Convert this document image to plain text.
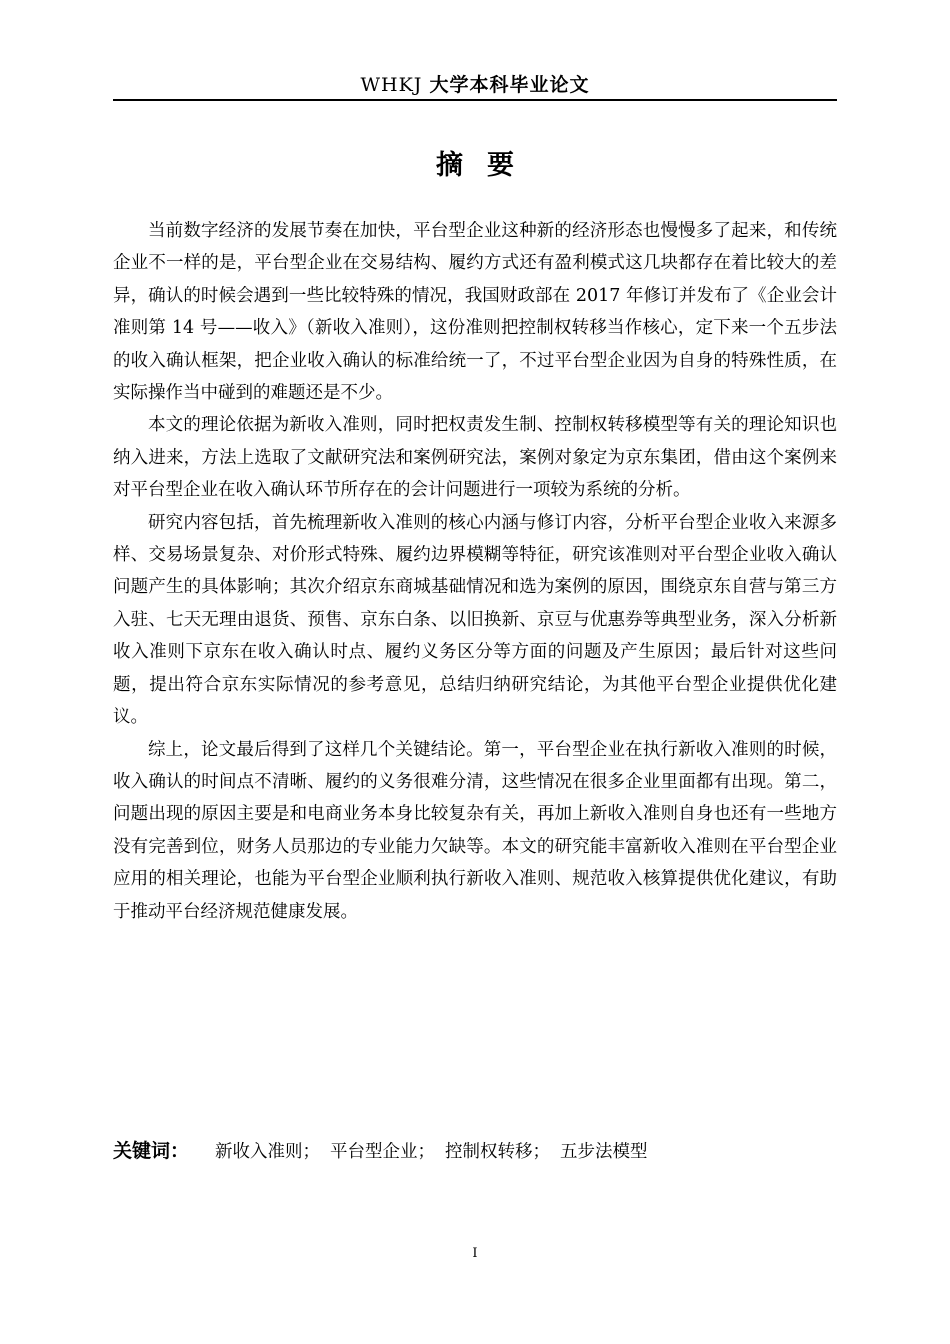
WHKJ 大学本科毕业论文
摘要

当前数字经济的发展节奏在加快，平台型企业这种新的经济形态也慢慢多了起来，和传统企业不一样的是，平台型企业在交易结构、履约方式还有盈利模式这几块都存在着比较大的差异，确认的时候会遇到一些比较特殊的情况，我国财政部在 2017 年修订并发布了《企业会计准则第 14 号——收入》（新收入准则），这份准则把控制权转移当作核心，定下来一个五步法的收入确认框架，把企业收入确认的标准给统一了，不过平台型企业因为自身的特殊性质，在实际操作当中碰到的难题还是不少。

本文的理论依据为新收入准则，同时把权责发生制、控制权转移模型等有关的理论知识也纳入进来，方法上选取了文献研究法和案例研究法，案例对象定为京东集团，借由这个案例来对平台型企业在收入确认环节所存在的会计问题进行一项较为系统的分析。

研究内容包括，首先梳理新收入准则的核心内涵与修订内容，分析平台型企业收入来源多样、交易场景复杂、对价形式特殊、履约边界模糊等特征，研究该准则对平台型企业收入确认问题产生的具体影响；其次介绍京东商城基础情况和选为案例的原因，围绕京东自营与第三方入驻、七天无理由退货、预售、京东白条、以旧换新、京豆与优惠券等典型业务，深入分析新收入准则下京东在收入确认时点、履约义务区分等方面的问题及产生原因；最后针对这些问题，提出符合京东实际情况的参考意见，总结归纳研究结论，为其他平台型企业提供优化建议。

综上，论文最后得到了这样几个关键结论。第一，平台型企业在执行新收入准则的时候，收入确认的时间点不清晰、履约的义务很难分清，这些情况在很多企业里面都有出现。第二，问题出现的原因主要是和电商业务本身比较复杂有关，再加上新收入准则自身也还有一些地方没有完善到位，财务人员那边的专业能力欠缺等。本文的研究能丰富新收入准则在平台型企业应用的相关理论，也能为平台型企业顺利执行新收入准则、规范收入核算提供优化建议，有助于推动平台经济规范健康发展。

关键词： 新收入准则； 平台型企业； 控制权转移； 五步法模型
I
